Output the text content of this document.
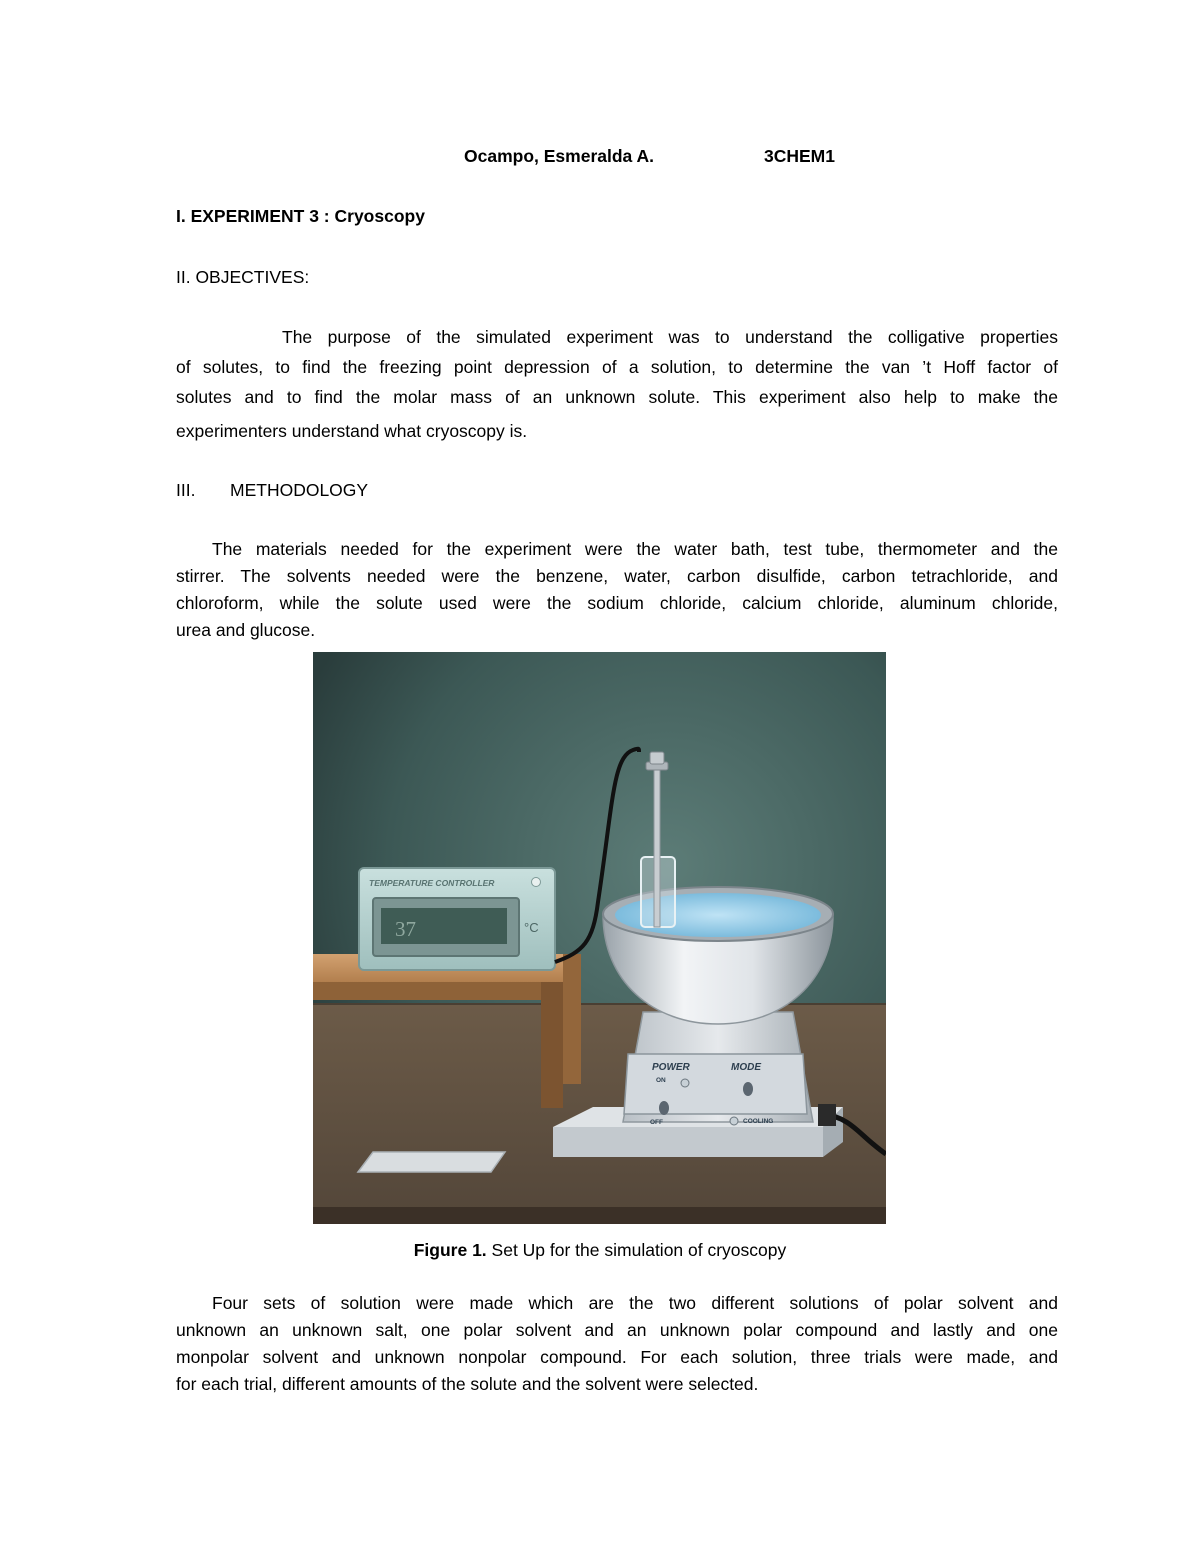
Ocampo, Esmeralda A.	3CHEM1
I. EXPERIMENT 3 : Cryoscopy
II. OBJECTIVES:
The purpose of the simulated experiment was to understand the colligative properties
of solutes, to find the freezing point depression of a solution, to determine the van ’t Hoff factor of
solutes and to find the molar mass of an unknown solute. This experiment also help to make the
experimenters understand what cryoscopy is.
III. METHODOLOGY
The materials needed for the experiment were the water bath, test tube, thermometer and the
stirrer. The solvents needed were the benzene, water, carbon disulfide, carbon tetrachloride, and
chloroform, while the solute used were the sodium chloride, calcium chloride, aluminum chloride,
urea and glucose.
TEMPERATURE CONTROLLER
37	°C
POWER	MODE
ON
OFF	COOLING
Figure 1. Set Up for the simulation of cryoscopy
Four sets of solution were made which are the two different solutions of polar solvent and
unknown an unknown salt, one polar solvent and an unknown polar compound and lastly and one
monpolar solvent and unknown nonpolar compound. For each solution, three trials were made, and
for each trial, different amounts of the solute and the solvent were selected.
